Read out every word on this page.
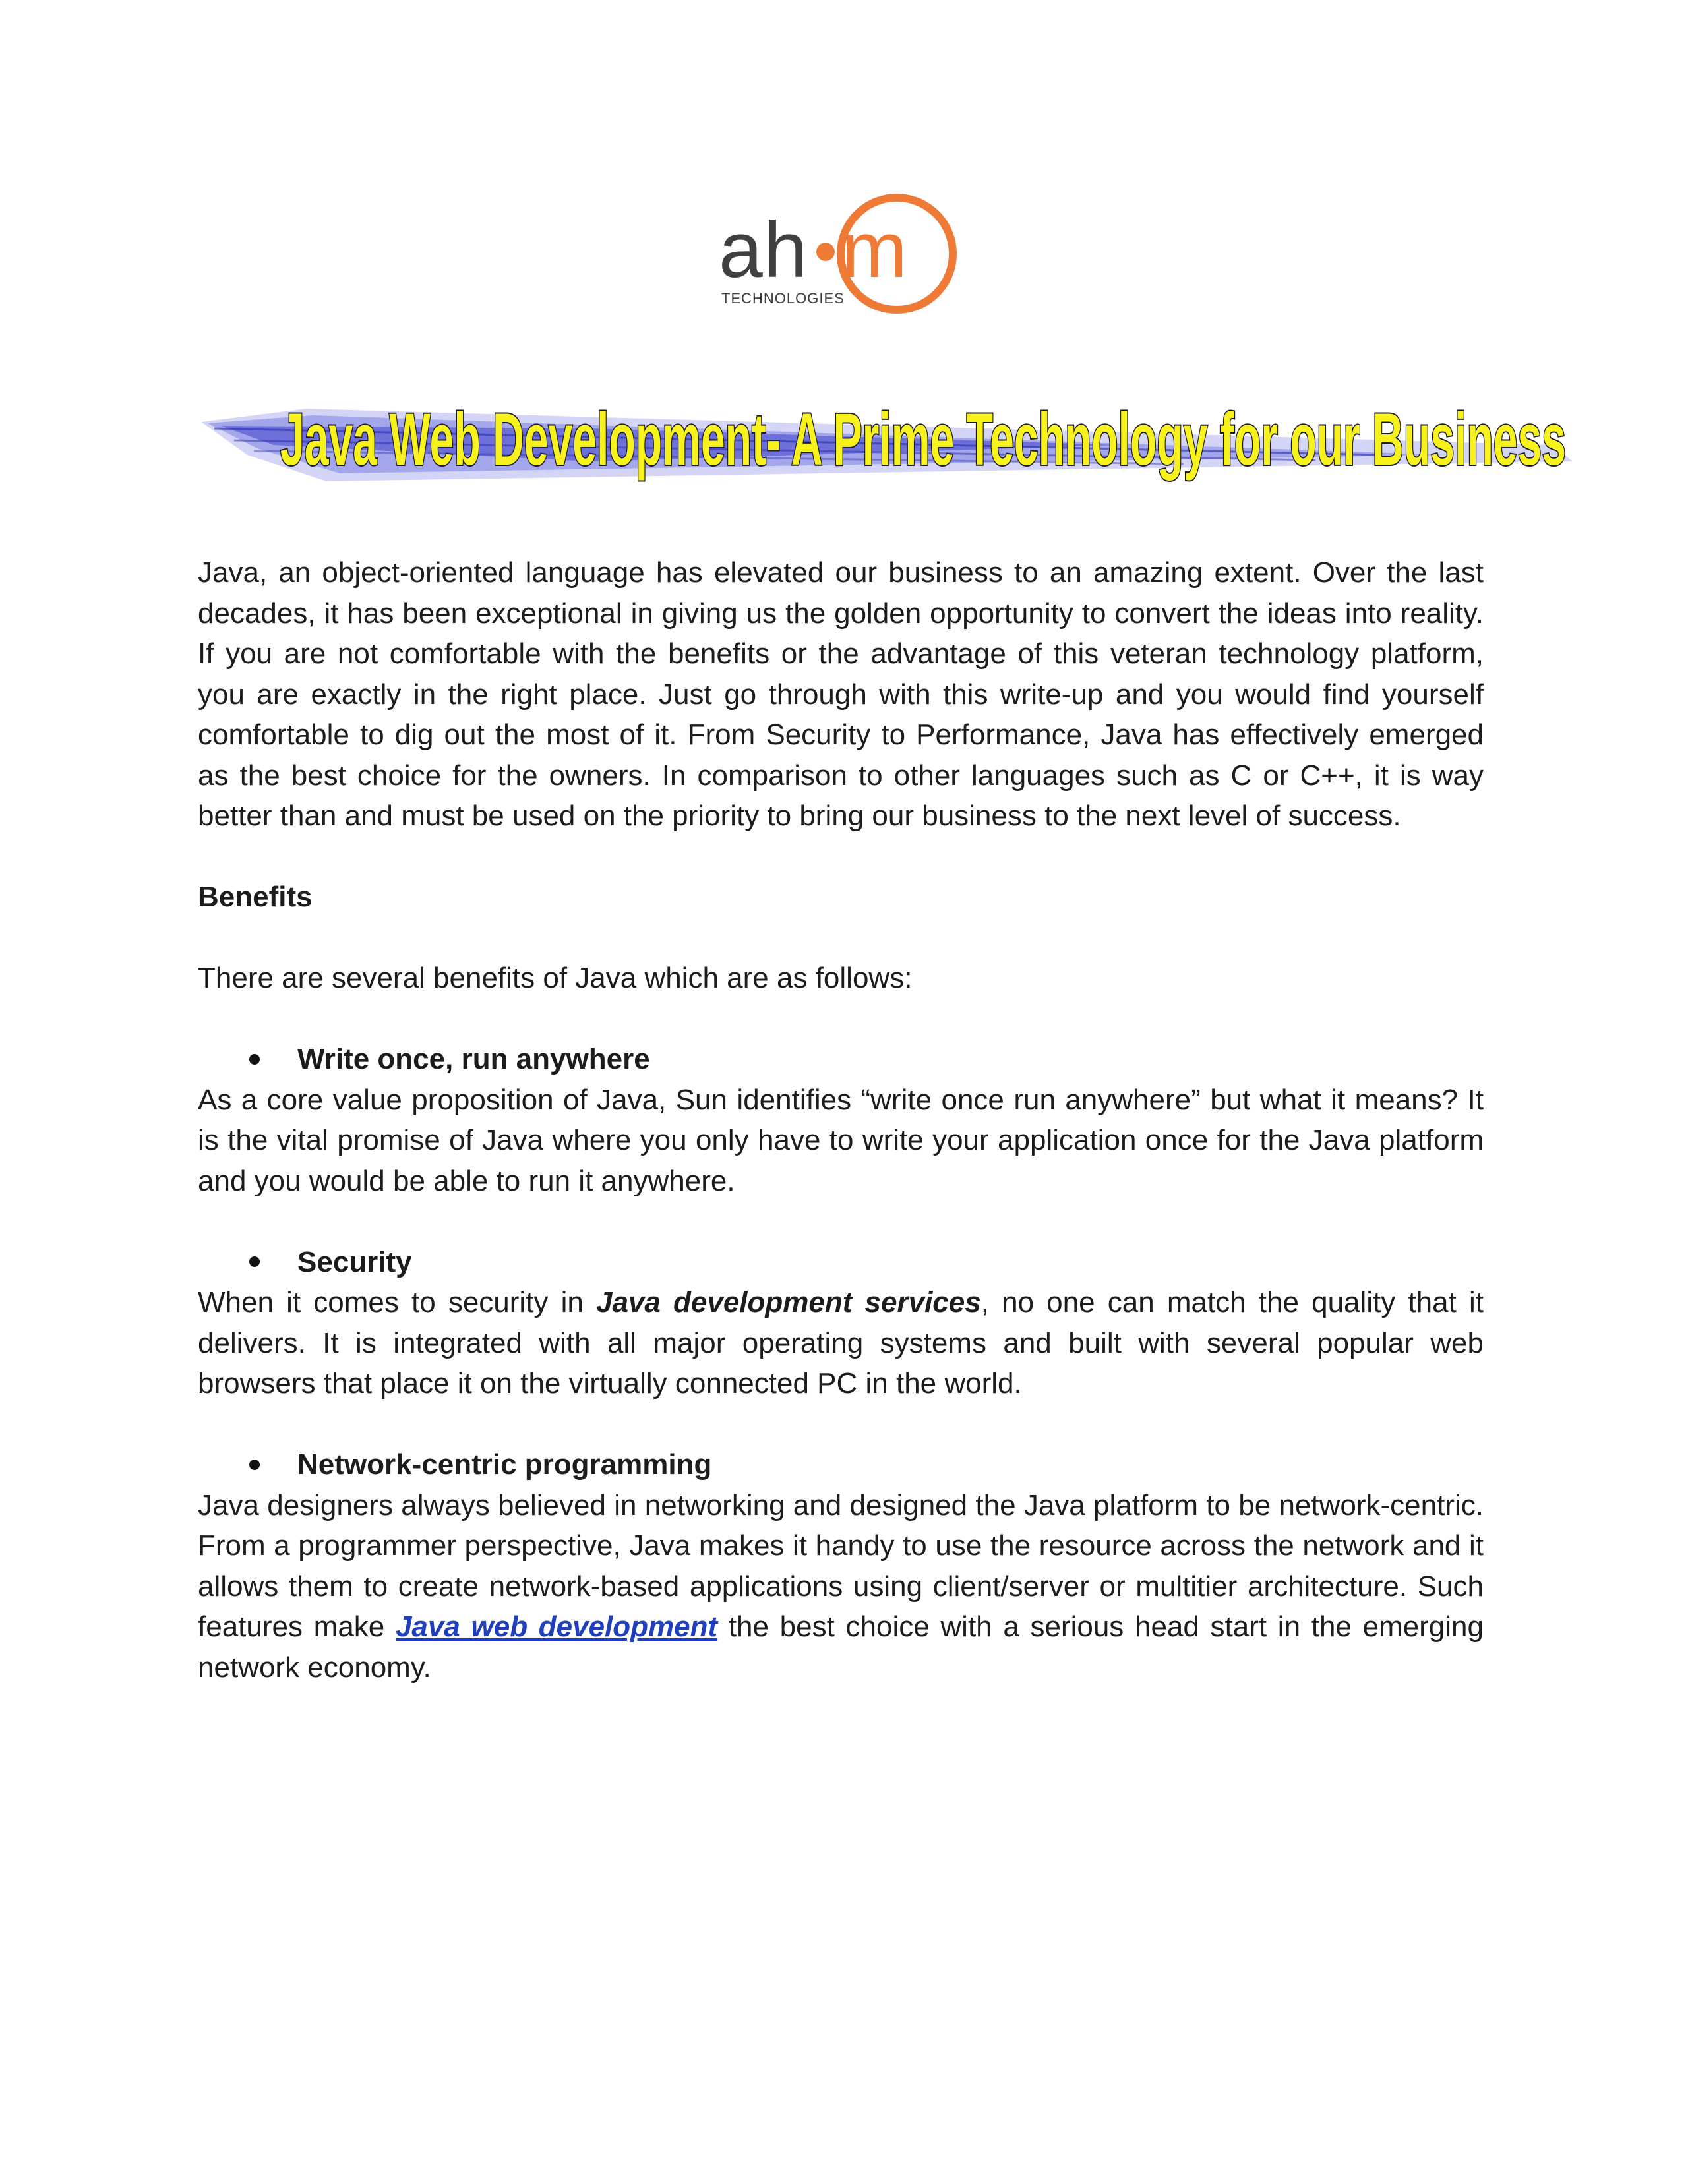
a h m
TECHNOLOGIES
Java Web Development- A Prime Technology for our Business

Java, an object-oriented language has elevated our business to an amazing extent. Over the last decades, it has been exceptional in giving us the golden opportunity to convert the ideas into reality. If you are not comfortable with the benefits or the advantage of this veteran technology platform, you are exactly in the right place. Just go through with this write-up and you would find yourself comfortable to dig out the most of it. From Security to Performance, Java has effectively emerged as the best choice for the owners. In comparison to other languages such as C or C++, it is way better than and must be used on the priority to bring our business to the next level of success.

Benefits

There are several benefits of Java which are as follows:

Write once, run anywhere

As a core value proposition of Java, Sun identifies “write once run anywhere” but what it means? It is the vital promise of Java where you only have to write your application once for the Java platform and you would be able to run it anywhere.

Security

When it comes to security in Java development services, no one can match the quality that it delivers. It is integrated with all major operating systems and built with several popular web browsers that place it on the virtually connected PC in the world.

Network-centric programming

Java designers always believed in networking and designed the Java platform to be network-centric. From a programmer perspective, Java makes it handy to use the resource across the network and it allows them to create network-based applications using client/server or multitier architecture. Such features make Java web development the best choice with a serious head start in the emerging network economy.
